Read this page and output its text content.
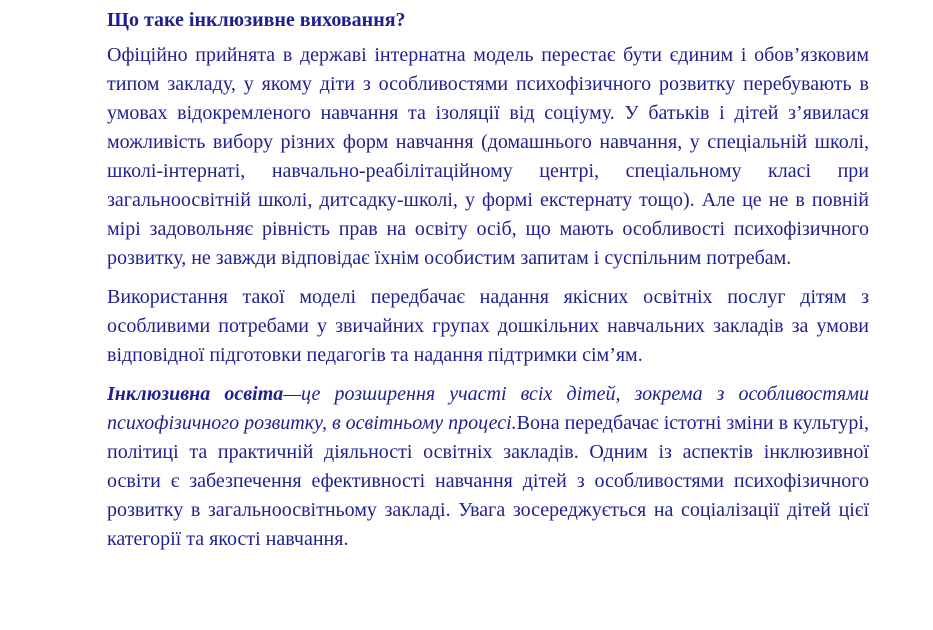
Що таке інклюзивне виховання?

Офіційно прийнята в державі інтернатна модель перестає бути єдиним і обов’язковим типом закладу, у якому діти з особливостями психофізичного розвитку перебувають в умовах відокремленого навчання та ізоляції від соціуму. У батьків і дітей з’явилася можливість вибору різних форм навчання (домашнього навчання, у спеціальній школі, школі-інтернаті, навчально-реабілітаційному центрі, спеціальному класі при загальноосвітній школі, дитсадку-школі, у формі екстернату тощо). Але це не в повній мірі задовольняє рівність прав на освіту осіб, що мають особливості психофізичного розвитку, не завжди відповідає їхнім особистим запитам і суспільним потребам.

Використання такої моделі передбачає надання якісних освітніх послуг дітям з особливими потребами у звичайних групах дошкільних навчальних закладів за умови відповідної підготовки педагогів та надання підтримки сім’ям.

Інклюзивна освіта—це розширення участі всіх дітей, зокрема з особливостями психофізичного розвитку, в освітньому процесі.Вона передбачає істотні зміни в культурі, політиці та практичній діяльності освітніх закладів. Одним із аспектів інклюзивної освіти є забезпечення ефективності навчання дітей з особливостями психофізичного розвитку в загальноосвітньому закладі. Увага зосереджується на соціалізації дітей цієї категорії та якості навчання.
